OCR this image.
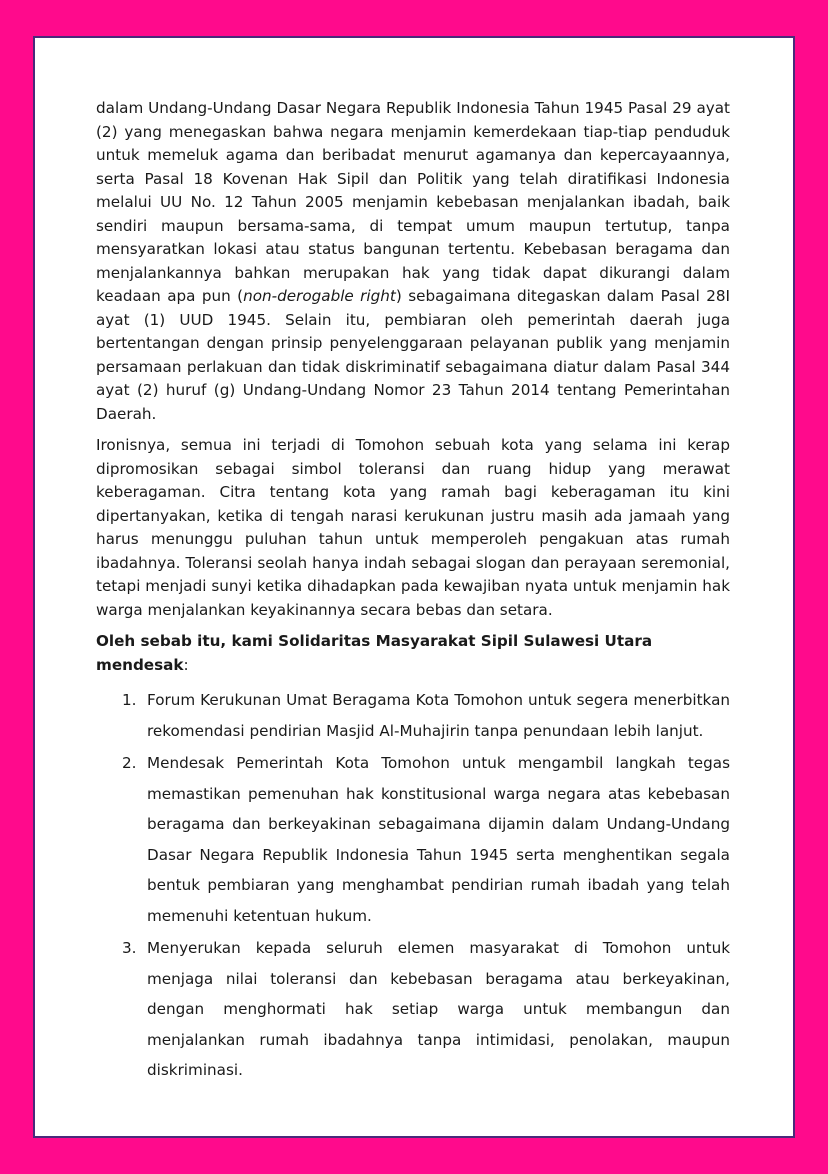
dalam Undang-Undang Dasar Negara Republik Indonesia Tahun 1945 Pasal 29 ayat (2) yang menegaskan bahwa negara menjamin kemerdekaan tiap-tiap penduduk untuk memeluk agama dan beribadat menurut agamanya dan kepercayaannya, serta Pasal 18 Kovenan Hak Sipil dan Politik yang telah diratifikasi Indonesia melalui UU No. 12 Tahun 2005 menjamin kebebasan menjalankan ibadah, baik sendiri maupun bersama-sama, di tempat umum maupun tertutup, tanpa mensyaratkan lokasi atau status bangunan tertentu. Kebebasan beragama dan menjalankannya bahkan merupakan hak yang tidak dapat dikurangi dalam keadaan apa pun (non-derogable right) sebagaimana ditegaskan dalam Pasal 28I ayat (1) UUD 1945. Selain itu, pembiaran oleh pemerintah daerah juga bertentangan dengan prinsip penyelenggaraan pelayanan publik yang menjamin persamaan perlakuan dan tidak diskriminatif sebagaimana diatur dalam Pasal 344 ayat (2) huruf (g) Undang-Undang Nomor 23 Tahun 2014 tentang Pemerintahan Daerah.

Ironisnya, semua ini terjadi di Tomohon sebuah kota yang selama ini kerap dipromosikan sebagai simbol toleransi dan ruang hidup yang merawat keberagaman. Citra tentang kota yang ramah bagi keberagaman itu kini dipertanyakan, ketika di tengah narasi kerukunan justru masih ada jamaah yang harus menunggu puluhan tahun untuk memperoleh pengakuan atas rumah ibadahnya. Toleransi seolah hanya indah sebagai slogan dan perayaan seremonial, tetapi menjadi sunyi ketika dihadapkan pada kewajiban nyata untuk menjamin hak warga menjalankan keyakinannya secara bebas dan setara.

Oleh sebab itu, kami Solidaritas Masyarakat Sipil Sulawesi Utara mendesak:

1. Forum Kerukunan Umat Beragama Kota Tomohon untuk segera menerbitkan rekomendasi pendirian Masjid Al-Muhajirin tanpa penundaan lebih lanjut.
2. Mendesak Pemerintah Kota Tomohon untuk mengambil langkah tegas memastikan pemenuhan hak konstitusional warga negara atas kebebasan beragama dan berkeyakinan sebagaimana dijamin dalam Undang-Undang Dasar Negara Republik Indonesia Tahun 1945 serta menghentikan segala bentuk pembiaran yang menghambat pendirian rumah ibadah yang telah memenuhi ketentuan hukum.
3. Menyerukan kepada seluruh elemen masyarakat di Tomohon untuk menjaga nilai toleransi dan kebebasan beragama atau berkeyakinan, dengan menghormati hak setiap warga untuk membangun dan menjalankan rumah ibadahnya tanpa intimidasi, penolakan, maupun diskriminasi.
